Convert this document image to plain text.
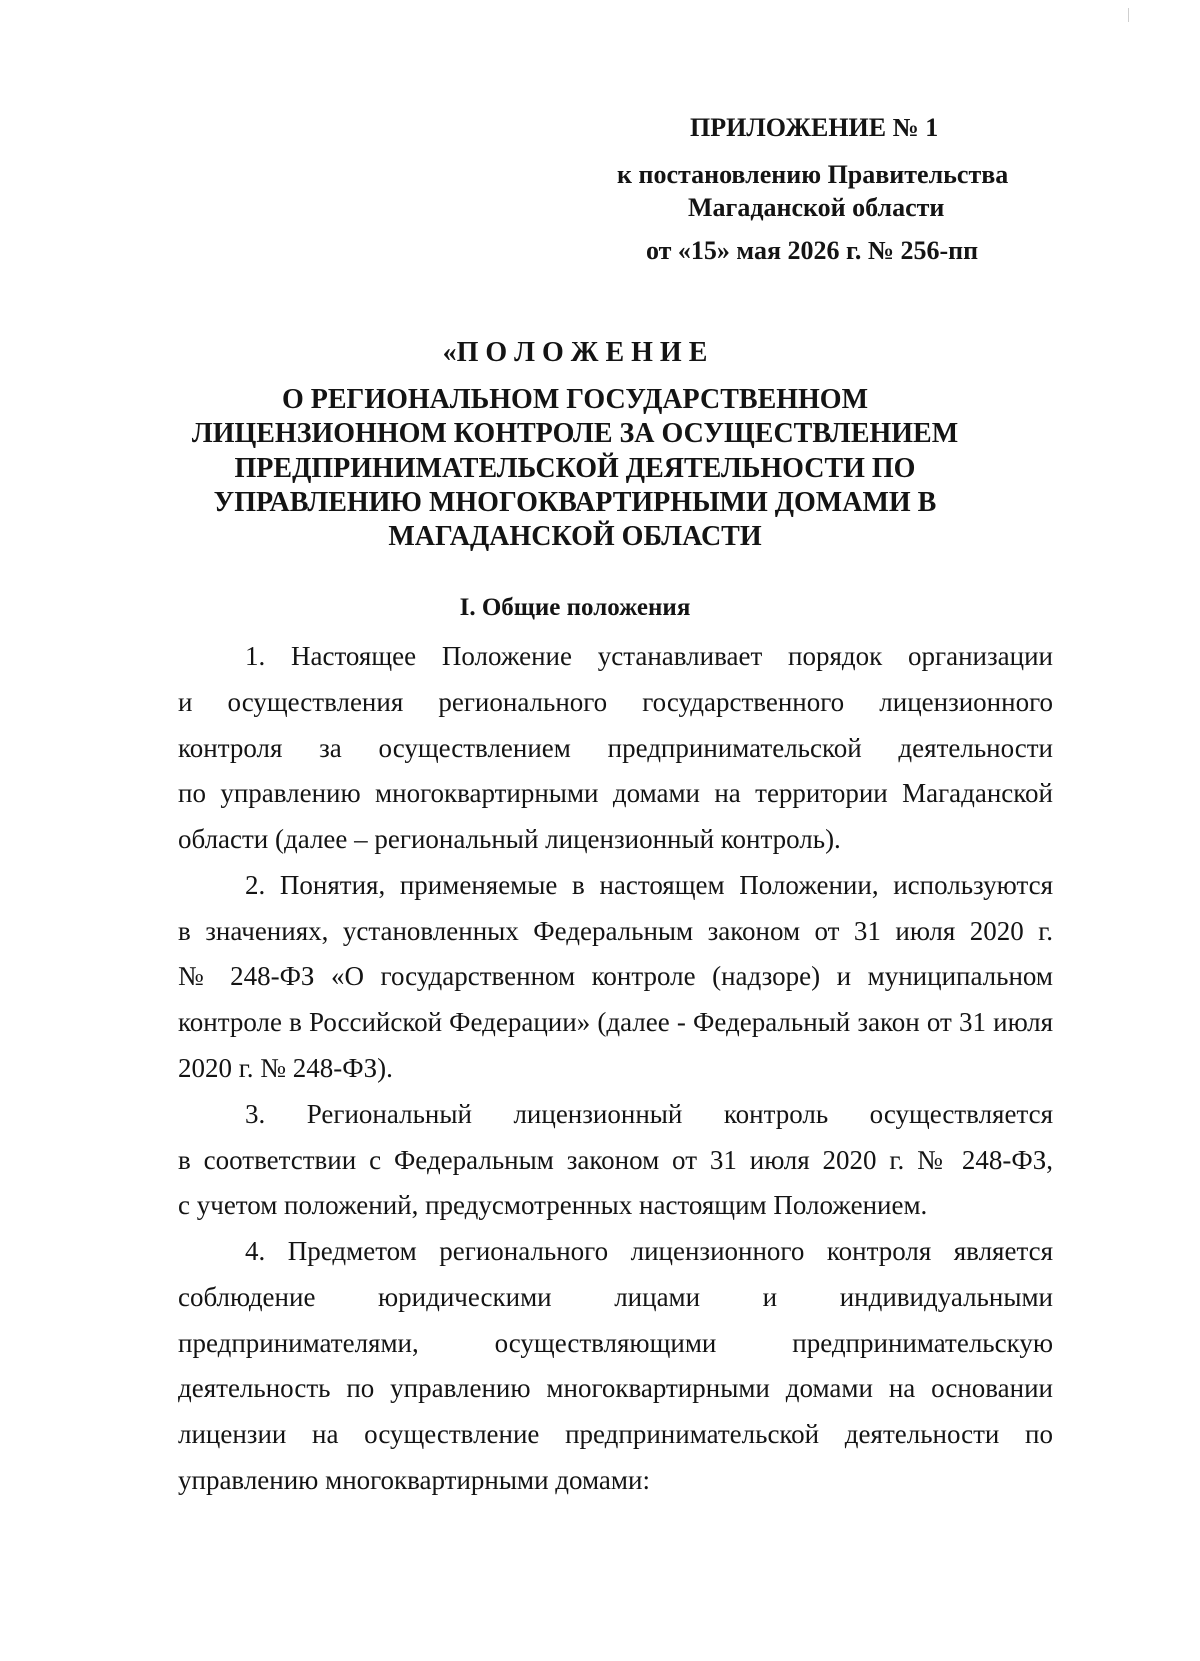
ПРИЛОЖЕНИЕ № 1
к постановлению Правительства
Магаданской области
от «15» мая 2026 г. № 256-пп
«П О Л О Ж Е Н И Е
О РЕГИОНАЛЬНОМ ГОСУДАРСТВЕННОМ
ЛИЦЕНЗИОННОМ КОНТРОЛЕ ЗА ОСУЩЕСТВЛЕНИЕМ
ПРЕДПРИНИМАТЕЛЬСКОЙ ДЕЯТЕЛЬНОСТИ ПО
УПРАВЛЕНИЮ МНОГОКВАРТИРНЫМИ ДОМАМИ В
МАГАДАНСКОЙ ОБЛАСТИ
I. Общие положения
1. Настоящее Положение устанавливает порядок организации
и осуществления регионального государственного лицензионного
контроля за осуществлением предпринимательской деятельности
по управлению многоквартирными домами на территории Магаданской
области (далее – региональный лицензионный контроль).
2. Понятия, применяемые в настоящем Положении, используются
в значениях, установленных Федеральным законом от 31 июля 2020 г.
№ 248-ФЗ «О государственном контроле (надзоре) и муниципальном
контроле в Российской Федерации» (далее - Федеральный закон от 31 июля
2020 г. № 248-ФЗ).
3. Региональный лицензионный контроль осуществляется
в соответствии с Федеральным законом от 31 июля 2020 г. № 248-ФЗ,
с учетом положений, предусмотренных настоящим Положением.
4. Предметом регионального лицензионного контроля является
соблюдение юридическими лицами и индивидуальными
предпринимателями, осуществляющими предпринимательскую
деятельность по управлению многоквартирными домами на основании
лицензии на осуществление предпринимательской деятельности по
управлению многоквартирными домами:
